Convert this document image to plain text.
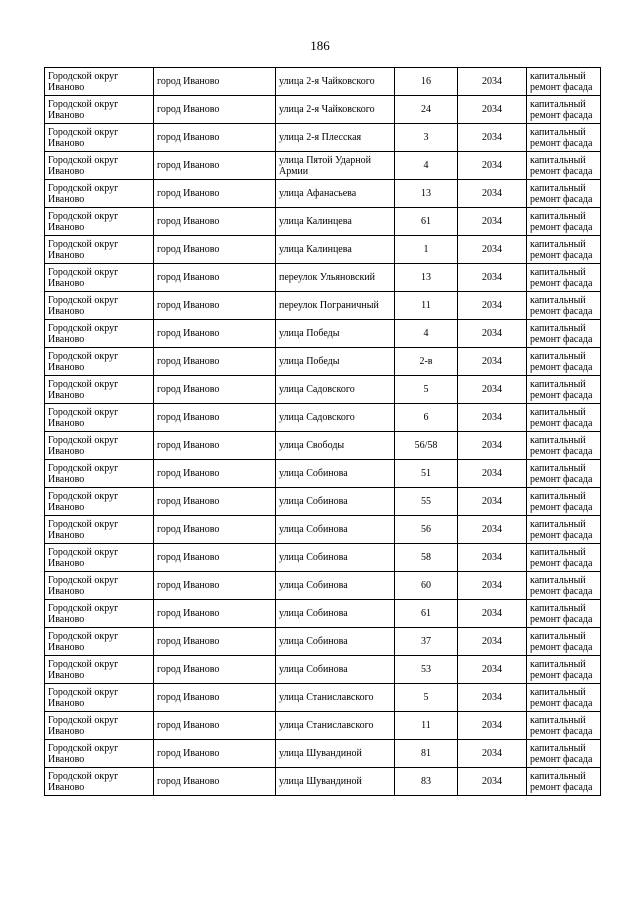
186
Городской округ Иваново	город Иваново	улица 2-я Чайковского	16	2034	капитальный ремонт фасада
Городской округ Иваново	город Иваново	улица 2-я Чайковского	24	2034	капитальный ремонт фасада
Городской округ Иваново	город Иваново	улица 2-я Плесская	3	2034	капитальный ремонт фасада
Городской округ Иваново	город Иваново	улица Пятой Ударной Армии	4	2034	капитальный ремонт фасада
Городской округ Иваново	город Иваново	улица Афанасьева	13	2034	капитальный ремонт фасада
Городской округ Иваново	город Иваново	улица Калинцева	61	2034	капитальный ремонт фасада
Городской округ Иваново	город Иваново	улица Калинцева	1	2034	капитальный ремонт фасада
Городской округ Иваново	город Иваново	переулок Ульяновский	13	2034	капитальный ремонт фасада
Городской округ Иваново	город Иваново	переулок Пограничный	11	2034	капитальный ремонт фасада
Городской округ Иваново	город Иваново	улица Победы	4	2034	капитальный ремонт фасада
Городской округ Иваново	город Иваново	улица Победы	2-в	2034	капитальный ремонт фасада
Городской округ Иваново	город Иваново	улица Садовского	5	2034	капитальный ремонт фасада
Городской округ Иваново	город Иваново	улица Садовского	6	2034	капитальный ремонт фасада
Городской округ Иваново	город Иваново	улица Свободы	56/58	2034	капитальный ремонт фасада
Городской округ Иваново	город Иваново	улица Собинова	51	2034	капитальный ремонт фасада
Городской округ Иваново	город Иваново	улица Собинова	55	2034	капитальный ремонт фасада
Городской округ Иваново	город Иваново	улица Собинова	56	2034	капитальный ремонт фасада
Городской округ Иваново	город Иваново	улица Собинова	58	2034	капитальный ремонт фасада
Городской округ Иваново	город Иваново	улица Собинова	60	2034	капитальный ремонт фасада
Городской округ Иваново	город Иваново	улица Собинова	61	2034	капитальный ремонт фасада
Городской округ Иваново	город Иваново	улица Собинова	37	2034	капитальный ремонт фасада
Городской округ Иваново	город Иваново	улица Собинова	53	2034	капитальный ремонт фасада
Городской округ Иваново	город Иваново	улица Станиславского	5	2034	капитальный ремонт фасада
Городской округ Иваново	город Иваново	улица Станиславского	11	2034	капитальный ремонт фасада
Городской округ Иваново	город Иваново	улица Шувандиной	81	2034	капитальный ремонт фасада
Городской округ Иваново	город Иваново	улица Шувандиной	83	2034	капитальный ремонт фасада
